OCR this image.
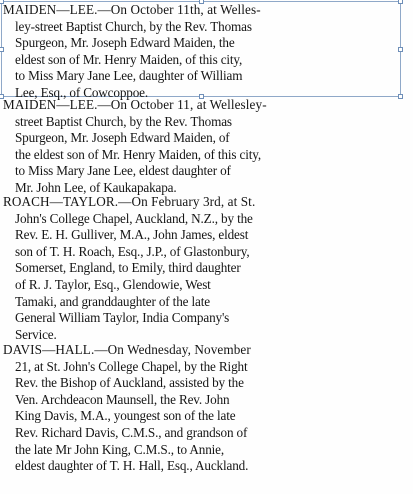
MAIDEN—LEE.—On October 11th, at Welles-
ley-street Baptist Church, by the Rev. Thomas
Spurgeon, Mr. Joseph Edward Maiden, the
eldest son of Mr. Henry Maiden, of this city,
to Miss Mary Jane Lee, daughter of William
Lee, Esq., of Cowcoppoe.
MAIDEN—LEE.—On October 11, at Wellesley-
street Baptist Church, by the Rev. Thomas
Spurgeon, Mr. Joseph Edward Maiden, of
the eldest son of Mr. Henry Maiden, of this city,
to Miss Mary Jane Lee, eldest daughter of
Mr. John Lee, of Kaukapakapa.
ROACH—TAYLOR.—On February 3rd, at St.
John's College Chapel, Auckland, N.Z., by the
Rev. E. H. Gulliver, M.A., John James, eldest
son of T. H. Roach, Esq., J.P., of Glastonbury,
Somerset, England, to Emily, third daughter
of R. J. Taylor, Esq., Glendowie, West
Tamaki, and granddaughter of the late
General William Taylor, India Company's
Service.
DAVIS—HALL.—On Wednesday, November
21, at St. John's College Chapel, by the Right
Rev. the Bishop of Auckland, assisted by the
Ven. Archdeacon Maunsell, the Rev. John
King Davis, M.A., youngest son of the late
Rev. Richard Davis, C.M.S., and grandson of
the late Mr John King, C.M.S., to Annie,
eldest daughter of T. H. Hall, Esq., Auckland.
